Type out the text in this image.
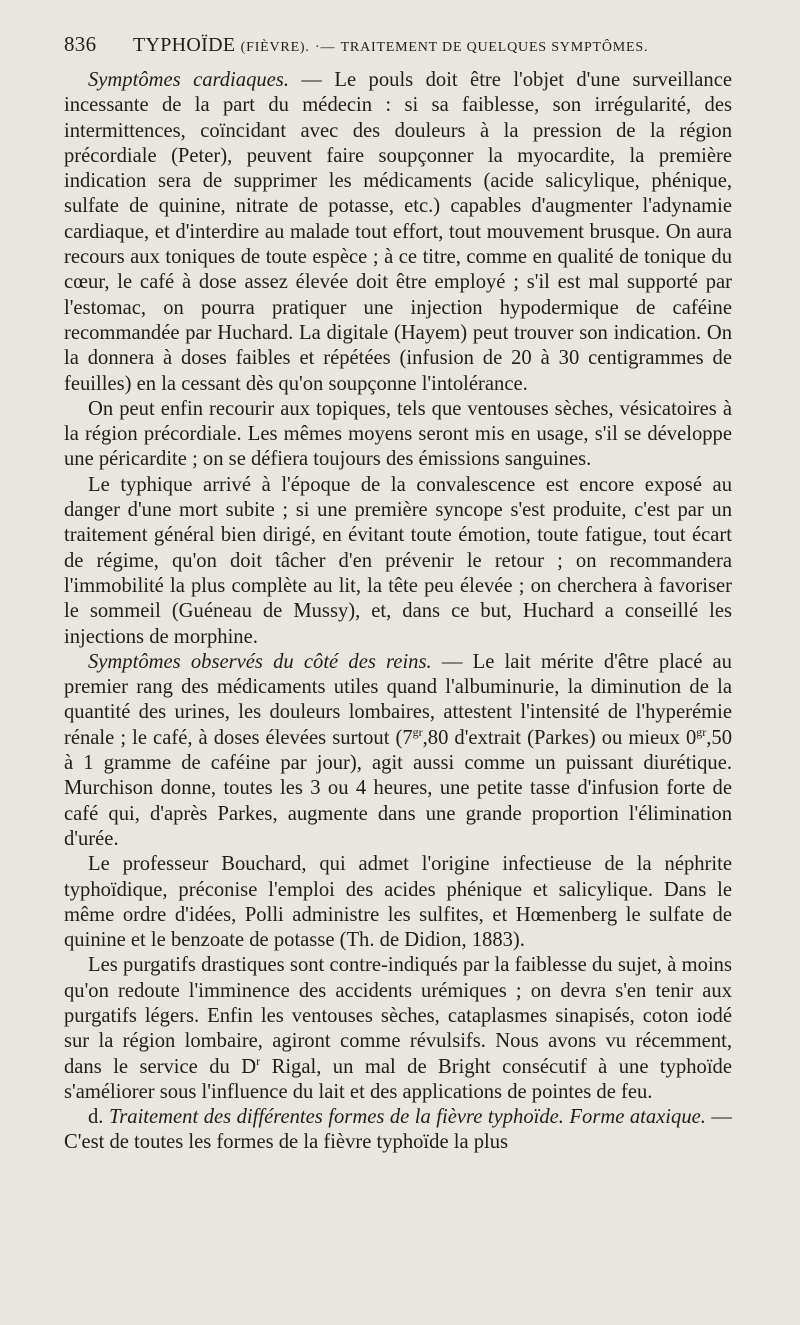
836 TYPHOÏDE (FIÈVRE). ·— TRAITEMENT DE QUELQUES SYMPTÔMES.

Symptômes cardiaques. — Le pouls doit être l'objet d'une surveillance incessante de la part du médecin : si sa faiblesse, son irrégularité, des intermittences, coïncidant avec des douleurs à la pression de la région précordiale (Peter), peuvent faire soupçonner la myocardite, la première indication sera de supprimer les médicaments (acide salicylique, phénique, sulfate de quinine, nitrate de potasse, etc.) capables d'augmenter l'adynamie cardiaque, et d'interdire au malade tout effort, tout mouvement brusque. On aura recours aux toniques de toute espèce ; à ce titre, comme en qualité de tonique du cœur, le café à dose assez élevée doit être employé ; s'il est mal supporté par l'estomac, on pourra pratiquer une injection hypodermique de caféine recommandée par Huchard. La digitale (Hayem) peut trouver son indication. On la donnera à doses faibles et répétées (infusion de 20 à 30 centigrammes de feuilles) en la cessant dès qu'on soupçonne l'intolérance.

On peut enfin recourir aux topiques, tels que ventouses sèches, vésicatoires à la région précordiale. Les mêmes moyens seront mis en usage, s'il se développe une péricardite ; on se défiera toujours des émissions sanguines.

Le typhique arrivé à l'époque de la convalescence est encore exposé au danger d'une mort subite ; si une première syncope s'est produite, c'est par un traitement général bien dirigé, en évitant toute émotion, toute fatigue, tout écart de régime, qu'on doit tâcher d'en prévenir le retour ; on recommandera l'immobilité la plus complète au lit, la tête peu élevée ; on cherchera à favoriser le sommeil (Guéneau de Mussy), et, dans ce but, Huchard a conseillé les injections de morphine.

Symptômes observés du côté des reins. — Le lait mérite d'être placé au premier rang des médicaments utiles quand l'albuminurie, la diminution de la quantité des urines, les douleurs lombaires, attestent l'intensité de l'hyperémie rénale ; le café, à doses élevées surtout ($7^{gr},80$ d'extrait (Parkes) ou mieux $0^{gr},50$ à 1 gramme de caféine par jour), agit aussi comme un puissant diurétique. Murchison donne, toutes les 3 ou 4 heures, une petite tasse d'infusion forte de café qui, d'après Parkes, augmente dans une grande proportion l'élimination d'urée.

Le professeur Bouchard, qui admet l'origine infectieuse de la néphrite typhoïdique, préconise l'emploi des acides phénique et salicylique. Dans le même ordre d'idées, Polli administre les sulfites, et Hœmenberg le sulfate de quinine et le benzoate de potasse (Th. de Didion, 1883).

Les purgatifs drastiques sont contre-indiqués par la faiblesse du sujet, à moins qu'on redoute l'imminence des accidents urémiques ; on devra s'en tenir aux purgatifs légers. Enfin les ventouses sèches, cataplasmes sinapisés, coton iodé sur la région lombaire, agiront comme révulsifs. Nous avons vu récemment, dans le service du $D^r$ Rigal, un mal de Bright consécutif à une typhoïde s'améliorer sous l'influence du lait et des applications de pointes de feu.

d. Traitement des différentes formes de la fièvre typhoïde. Forme ataxique. — C'est de toutes les formes de la fièvre typhoïde la plus
